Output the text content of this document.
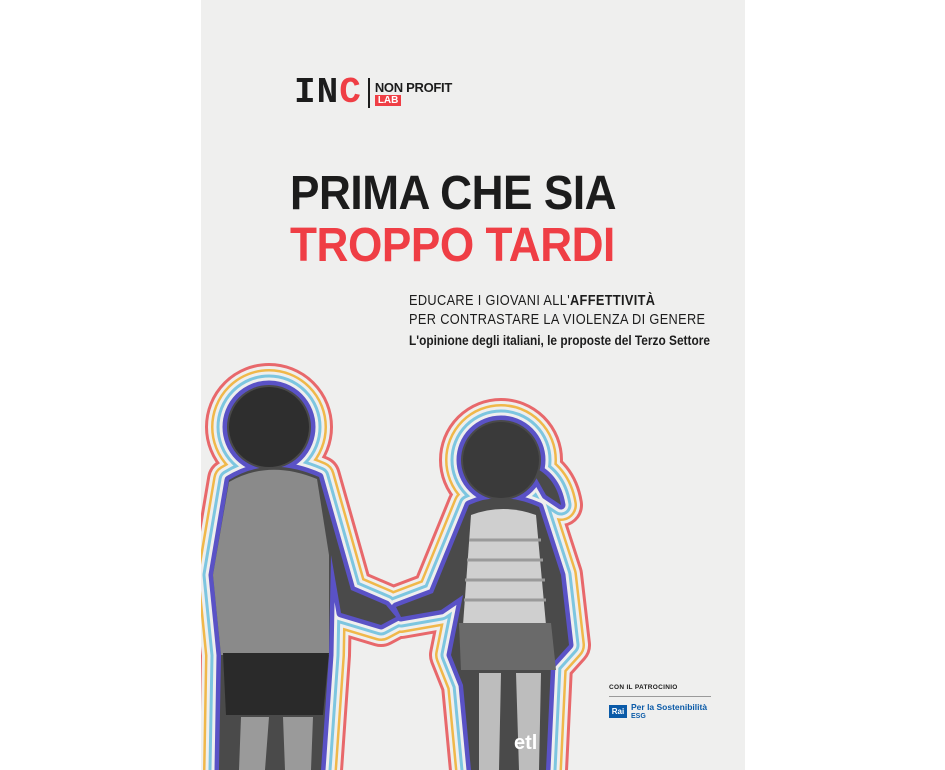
INC NON PROFIT
LAB
PRIMA CHE SIA
TROPPO TARDI
EDUCARE I GIOVANI ALL'AFFETTIVITÀ
PER CONTRASTARE LA VIOLENZA DI GENERE
L'opinione degli italiani, le proposte del Terzo Settore
etl
CON IL PATROCINIO
Rai Per la Sostenibilità
ESG
